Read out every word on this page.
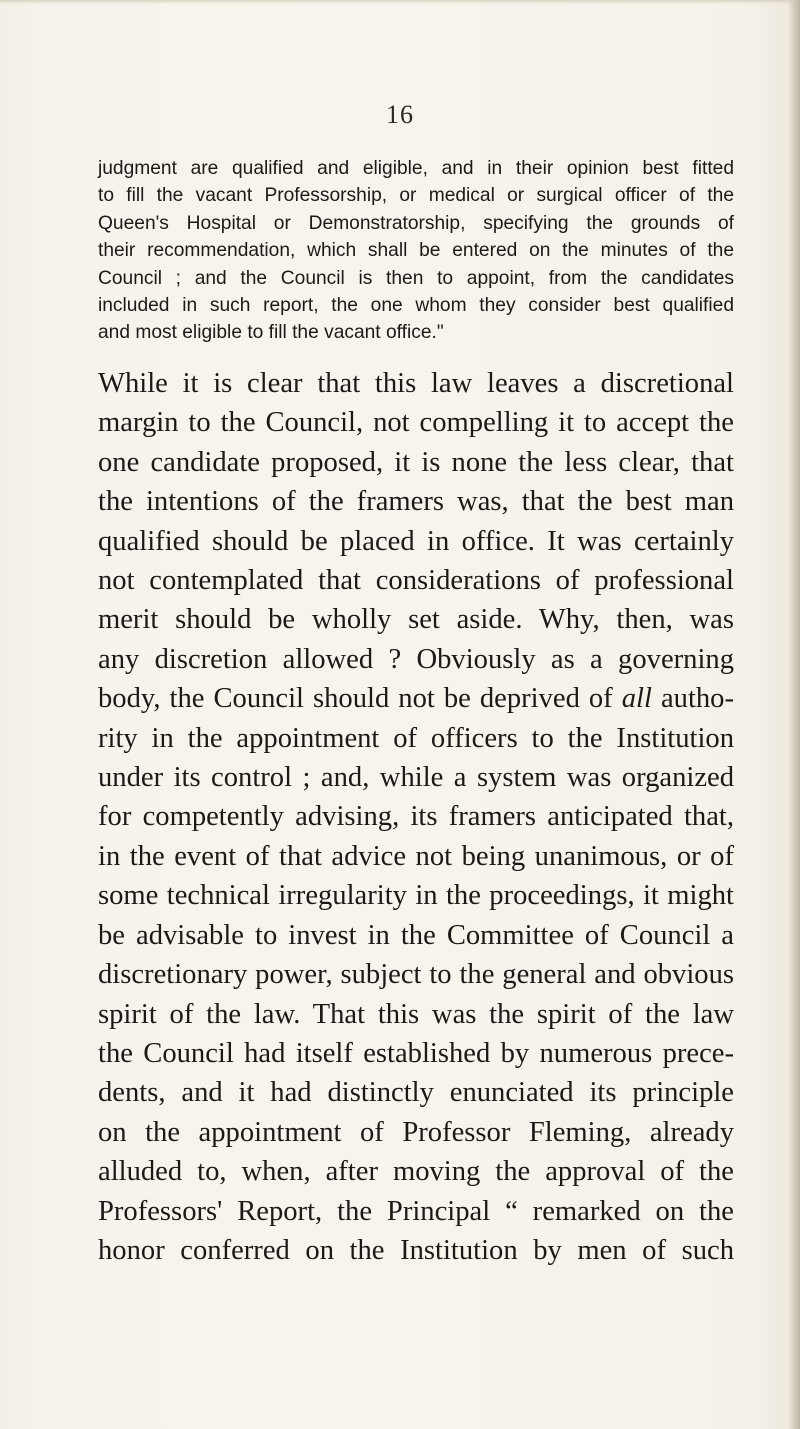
16

judgment are qualified and eligible, and in their opinion best fitted
to fill the vacant Professorship, or medical or surgical officer of the
Queen's Hospital or Demonstratorship, specifying the grounds of
their recommendation, which shall be entered on the minutes of the
Council ; and the Council is then to appoint, from the candidates
included in such report, the one whom they consider best qualified
and most eligible to fill the vacant office."

While it is clear that this law leaves a discretional
margin to the Council, not compelling it to accept the
one candidate proposed, it is none the less clear, that
the intentions of the framers was, that the best man
qualified should be placed in office. It was certainly
not contemplated that considerations of professional
merit should be wholly set aside. Why, then, was
any discretion allowed ? Obviously as a governing
body, the Council should not be deprived of all autho-
rity in the appointment of officers to the Institution
under its control ; and, while a system was organized
for competently advising, its framers anticipated that,
in the event of that advice not being unanimous, or of
some technical irregularity in the proceedings, it might
be advisable to invest in the Committee of Council a
discretionary power, subject to the general and obvious
spirit of the law. That this was the spirit of the law
the Council had itself established by numerous prece-
dents, and it had distinctly enunciated its principle
on the appointment of Professor Fleming, already
alluded to, when, after moving the approval of the
Professors' Report, the Principal “ remarked on the
honor conferred on the Institution by men of such
